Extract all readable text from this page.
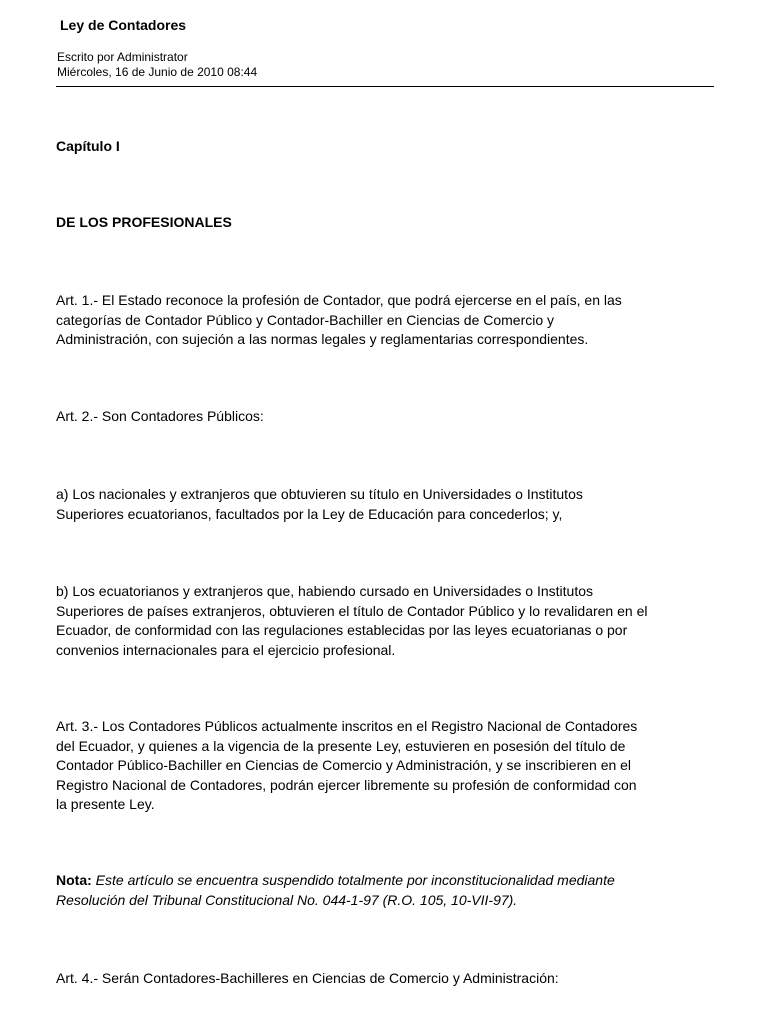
Ley de Contadores
Escrito por Administrator
Miércoles, 16 de Junio de 2010 08:44
Capítulo I
DE LOS PROFESIONALES
Art. 1.- El Estado reconoce la profesión de Contador, que podrá ejercerse en el país, en las
categorías de Contador Público y Contador-Bachiller en Ciencias de Comercio y
Administración, con sujeción a las normas legales y reglamentarias correspondientes.
Art. 2.- Son Contadores Públicos:
a) Los nacionales y extranjeros que obtuvieren su título en Universidades o Institutos
Superiores ecuatorianos, facultados por la Ley de Educación para concederlos; y,
b) Los ecuatorianos y extranjeros que, habiendo cursado en Universidades o Institutos
Superiores de países extranjeros, obtuvieren el título de Contador Público y lo revalidaren en el
Ecuador, de conformidad con las regulaciones establecidas por las leyes ecuatorianas o por
convenios internacionales para el ejercicio profesional.
Art. 3.- Los Contadores Públicos actualmente inscritos en el Registro Nacional de Contadores
del Ecuador, y quienes a la vigencia de la presente Ley, estuvieren en posesión del título de
Contador Público-Bachiller en Ciencias de Comercio y Administración, y se inscribieren en el
Registro Nacional de Contadores, podrán ejercer libremente su profesión de conformidad con
la presente Ley.
Nota: Este artículo se encuentra suspendido totalmente por inconstitucionalidad mediante
Resolución del Tribunal Constitucional No. 044-1-97 (R.O. 105, 10-VII-97).
Art. 4.- Serán Contadores-Bachilleres en Ciencias de Comercio y Administración:
